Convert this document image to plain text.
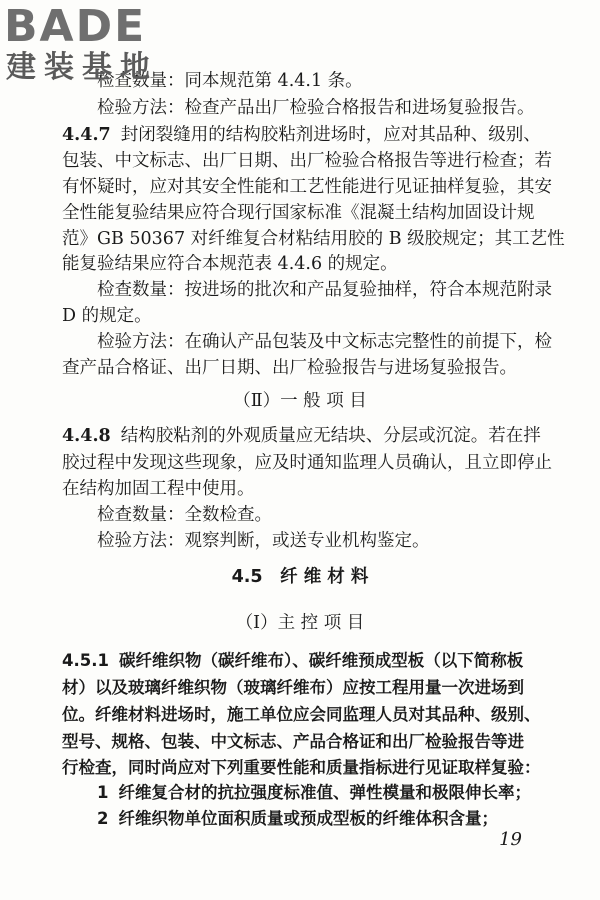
BADE
建装基地
检查数量：同本规范第 4.4.1 条。
检验方法：检查产品出厂检验合格报告和进场复验报告。
4.4.7 封闭裂缝用的结构胶粘剂进场时，应对其品种、级别、
包装、中文标志、出厂日期、出厂检验合格报告等进行检查；若
有怀疑时，应对其安全性能和工艺性能进行见证抽样复验，其安
全性能复验结果应符合现行国家标准《混凝土结构加固设计规
范》GB 50367 对纤维复合材粘结用胶的 B 级胶规定；其工艺性
能复验结果应符合本规范表 4.4.6 的规定。
检查数量：按进场的批次和产品复验抽样，符合本规范附录
D 的规定。
检验方法：在确认产品包装及中文标志完整性的前提下，检
查产品合格证、出厂日期、出厂检验报告与进场复验报告。
（Ⅱ）一 般 项 目
4.4.8 结构胶粘剂的外观质量应无结块、分层或沉淀。若在拌
胶过程中发现这些现象，应及时通知监理人员确认，且立即停止
在结构加固工程中使用。
检查数量：全数检查。
检验方法：观察判断，或送专业机构鉴定。
4.5　纤 维 材 料
（Ⅰ）主 控 项 目
4.5.1 碳纤维织物（碳纤维布）、碳纤维预成型板（以下简称板
材）以及玻璃纤维织物（玻璃纤维布）应按工程用量一次进场到
位。纤维材料进场时，施工单位应会同监理人员对其品种、级别、
型号、规格、包装、中文标志、产品合格证和出厂检验报告等进
行检查，同时尚应对下列重要性能和质量指标进行见证取样复验：
1 纤维复合材的抗拉强度标准值、弹性模量和极限伸长率；
2 纤维织物单位面积质量或预成型板的纤维体积含量；
19
